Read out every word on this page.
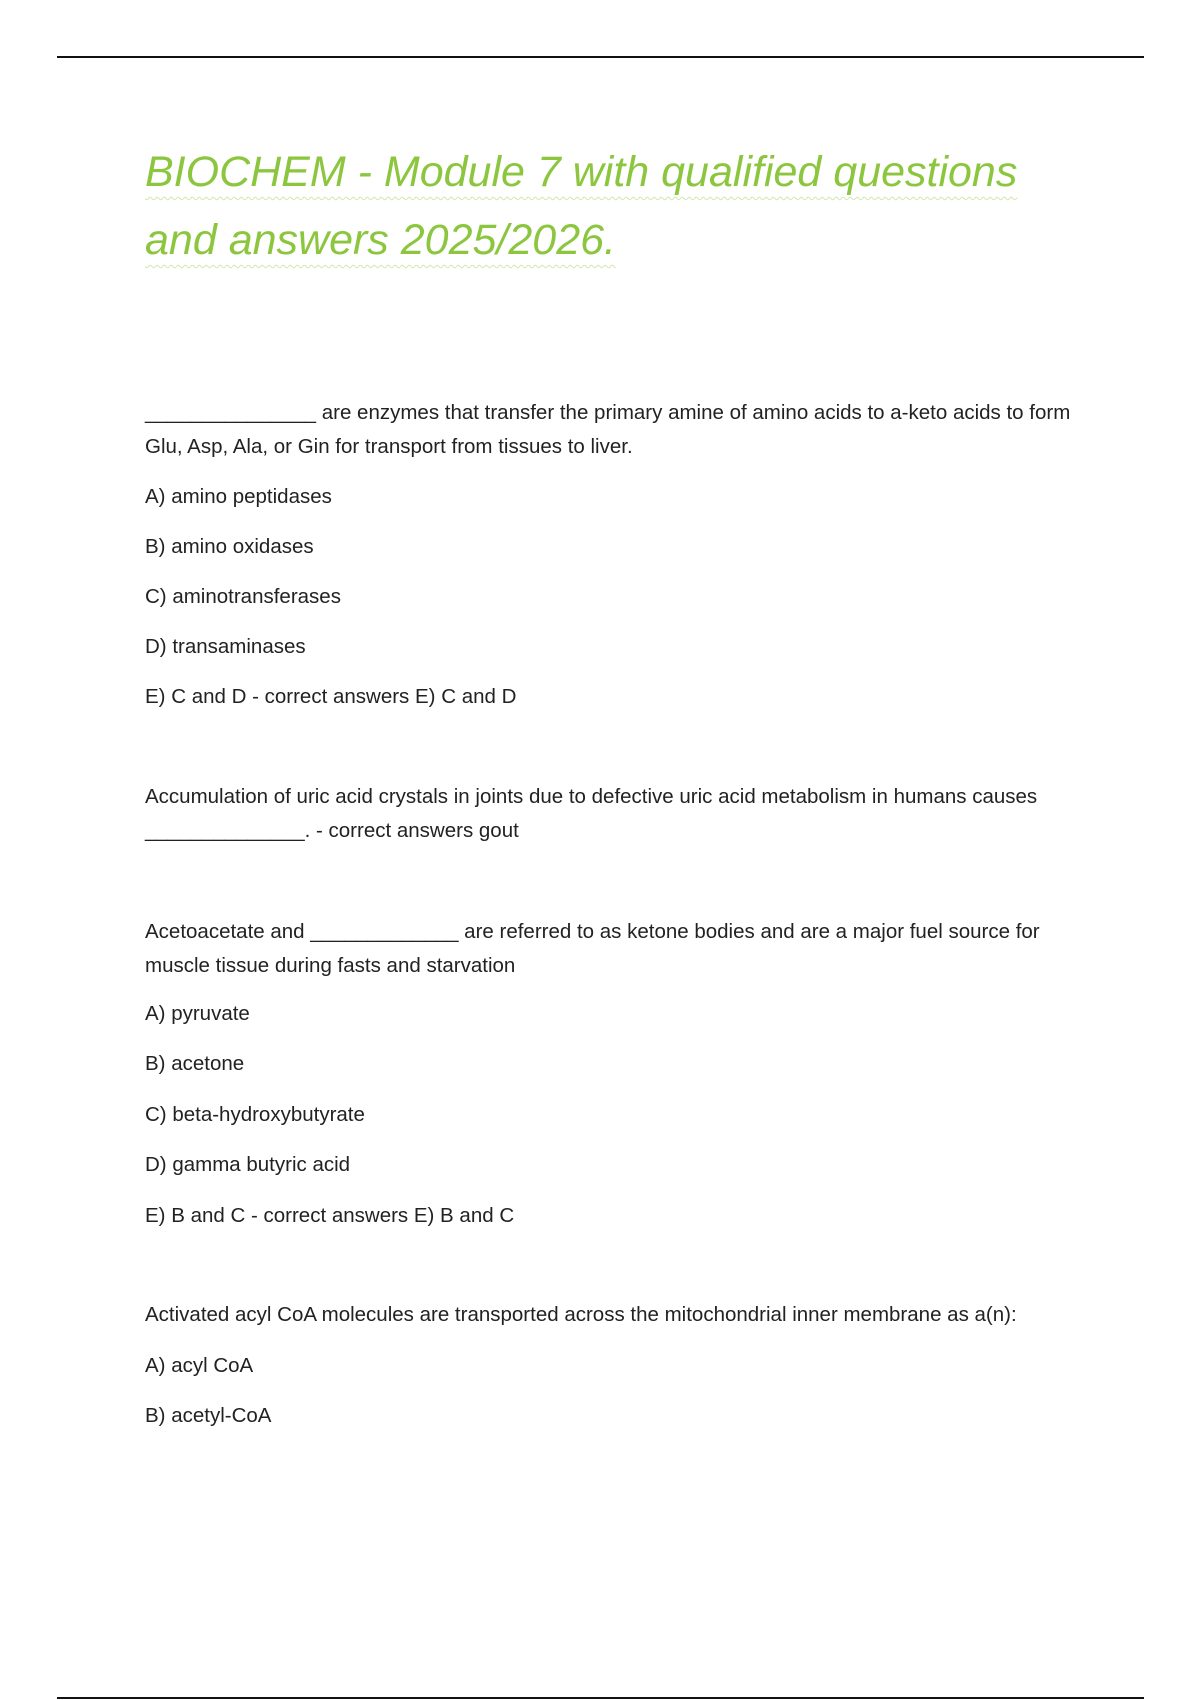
BIOCHEM - Module 7 with qualified questions
and answers 2025/2026.

_______________ are enzymes that transfer the primary amine of amino acids to a-keto acids to form Glu, Asp, Ala, or Gin for transport from tissues to liver.

A) amino peptidases
B) amino oxidases
C) aminotransferases
D) transaminases
E) C and D - correct answers E) C and D

Accumulation of uric acid crystals in joints due to defective uric acid metabolism in humans causes ______________. - correct answers gout

Acetoacetate and _____________ are referred to as ketone bodies and are a major fuel source for muscle tissue during fasts and starvation

A) pyruvate
B) acetone
C) beta-hydroxybutyrate
D) gamma butyric acid
E) B and C - correct answers E) B and C

Activated acyl CoA molecules are transported across the mitochondrial inner membrane as a(n):

A) acyl CoA
B) acetyl-CoA
